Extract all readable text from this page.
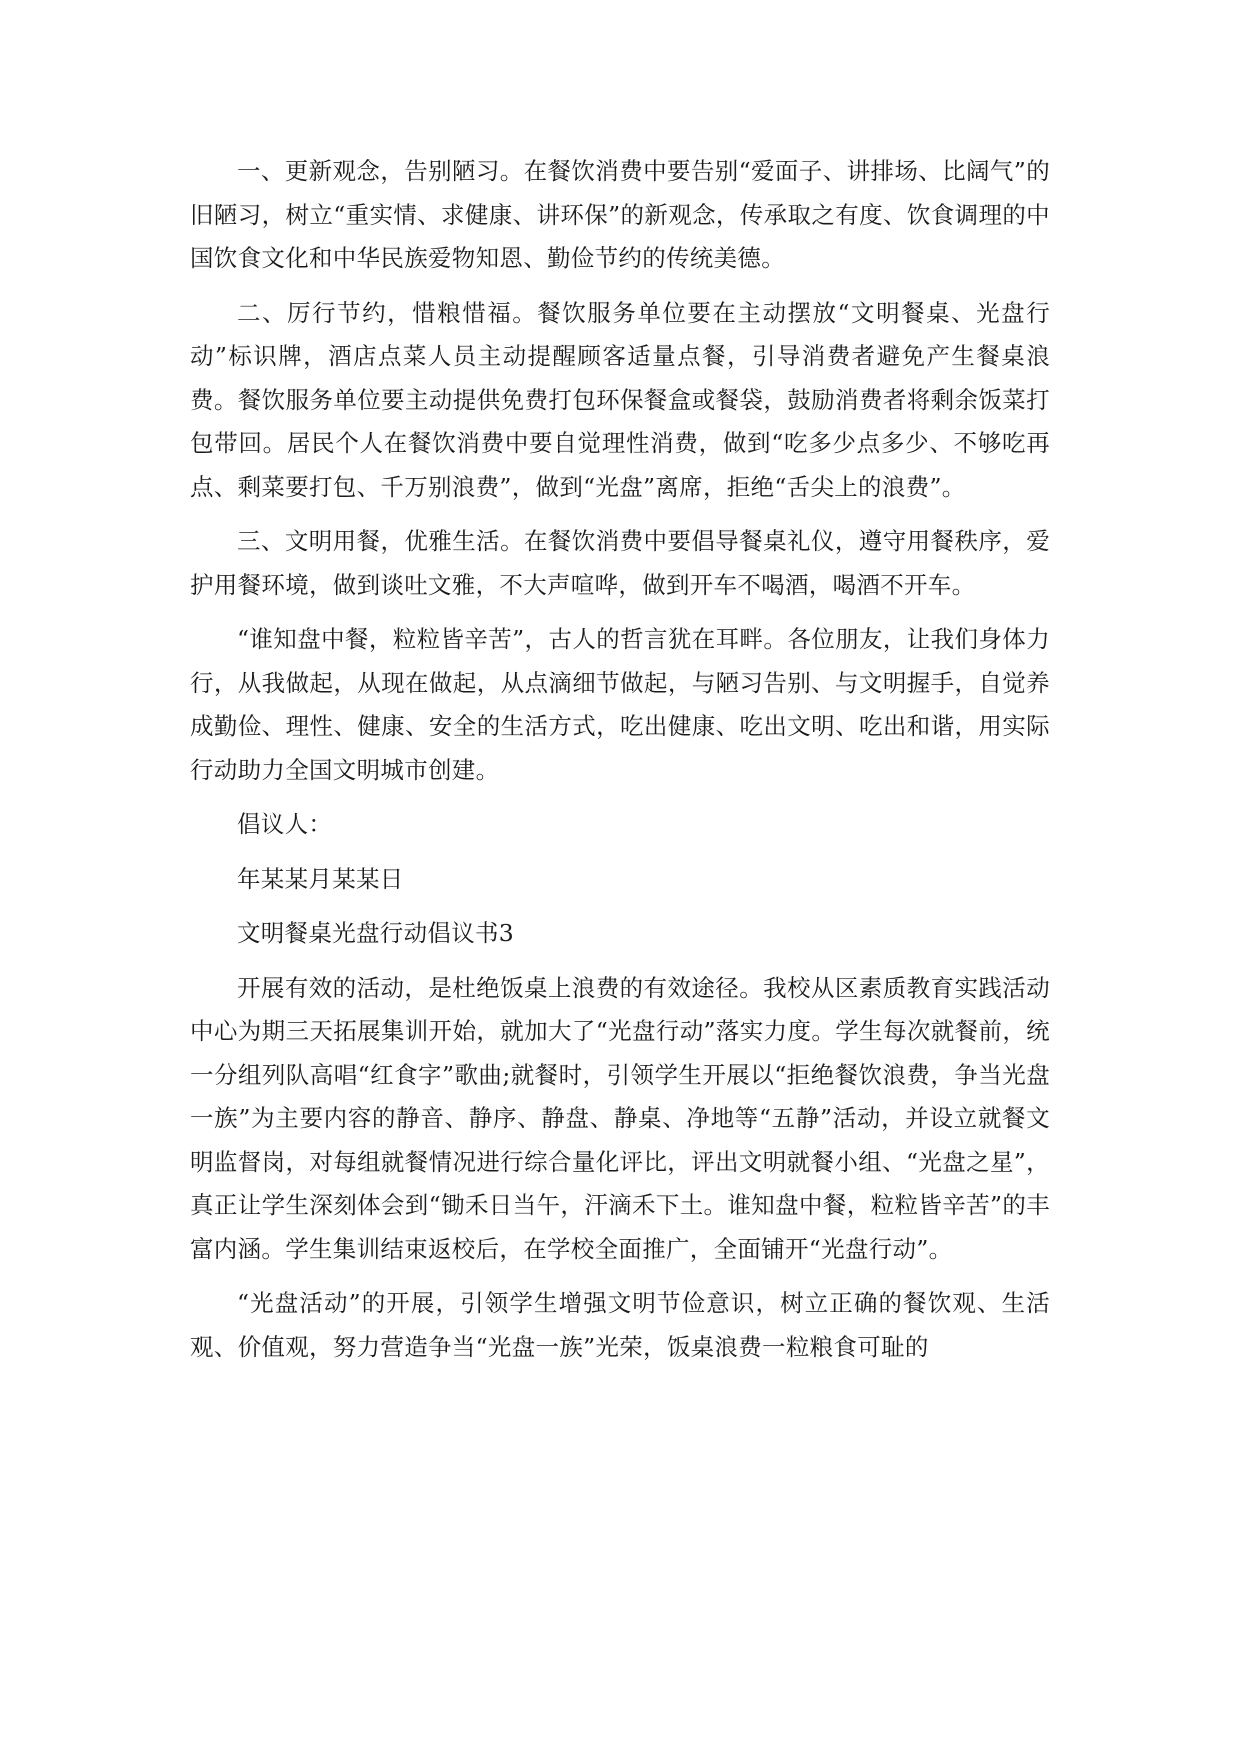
一、更新观念，告别陋习。在餐饮消费中要告别“爱面子、讲排场、比阔气”的旧陋习，树立“重实情、求健康、讲环保”的新观念，传承取之有度、饮食调理的中国饮食文化和中华民族爱物知恩、勤俭节约的传统美德。

二、厉行节约，惜粮惜福。餐饮服务单位要在主动摆放“文明餐桌、光盘行动”标识牌，酒店点菜人员主动提醒顾客适量点餐，引导消费者避免产生餐桌浪费。餐饮服务单位要主动提供免费打包环保餐盒或餐袋，鼓励消费者将剩余饭菜打包带回。居民个人在餐饮消费中要自觉理性消费，做到“吃多少点多少、不够吃再点、剩菜要打包、千万别浪费”，做到“光盘”离席，拒绝“舌尖上的浪费”。

三、文明用餐，优雅生活。在餐饮消费中要倡导餐桌礼仪，遵守用餐秩序，爱护用餐环境，做到谈吐文雅，不大声喧哗，做到开车不喝酒，喝酒不开车。

“谁知盘中餐，粒粒皆辛苦”，古人的哲言犹在耳畔。各位朋友，让我们身体力行，从我做起，从现在做起，从点滴细节做起，与陋习告别、与文明握手，自觉养成勤俭、理性、健康、安全的生活方式，吃出健康、吃出文明、吃出和谐，用实际行动助力全国文明城市创建。

倡议人：
年某某月某某日
文明餐桌光盘行动倡议书3

开展有效的活动，是杜绝饭桌上浪费的有效途径。我校从区素质教育实践活动中心为期三天拓展集训开始，就加大了“光盘行动”落实力度。学生每次就餐前，统一分组列队高唱“红食字”歌曲;就餐时，引领学生开展以“拒绝餐饮浪费，争当光盘一族”为主要内容的静音、静序、静盘、静桌、净地等“五静”活动，并设立就餐文明监督岗，对每组就餐情况进行综合量化评比，评出文明就餐小组、“光盘之星”，真正让学生深刻体会到“锄禾日当午，汗滴禾下土。谁知盘中餐，粒粒皆辛苦”的丰富内涵。学生集训结束返校后，在学校全面推广，全面铺开“光盘行动”。

“光盘活动”的开展，引领学生增强文明节俭意识，树立正确的餐饮观、生活观、价值观，努力营造争当“光盘一族”光荣，饭桌浪费一粒粮食可耻的
